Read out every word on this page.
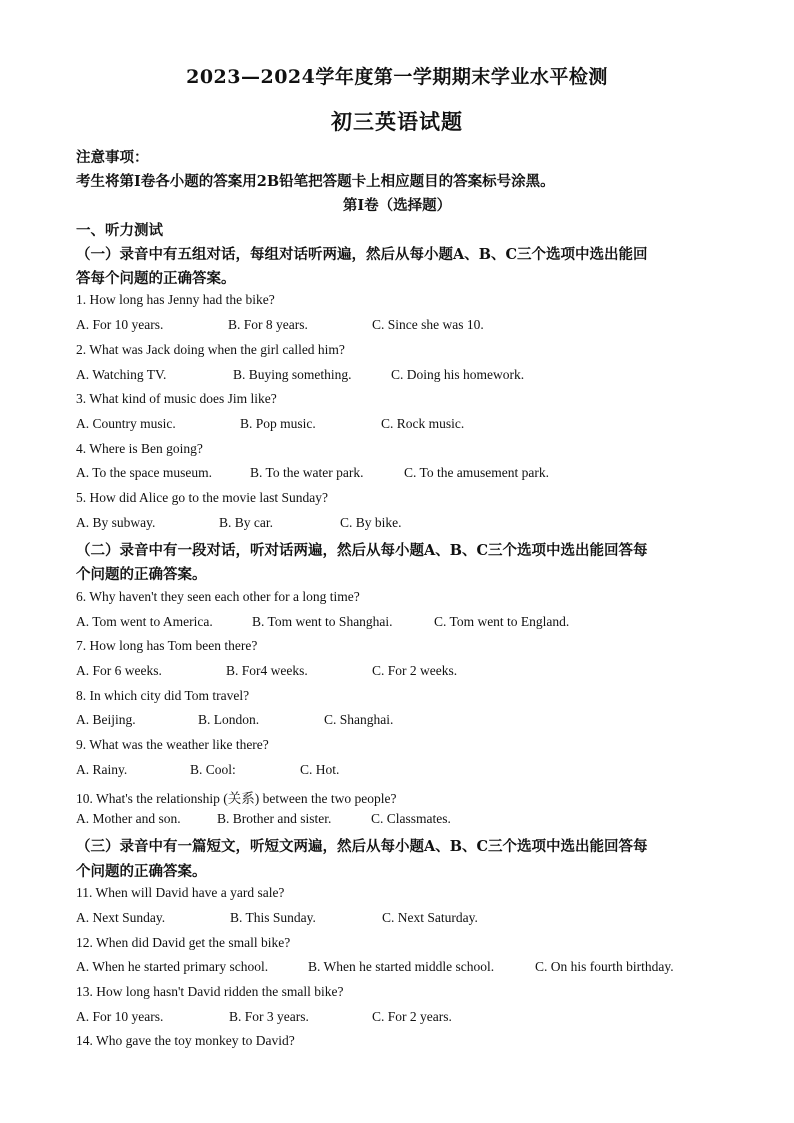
2023—2024学年度第一学期期末学业水平检测
初三英语试题
注意事项：
考生将第I卷各小题的答案用2B铅笔把答题卡上相应题目的答案标号涂黑。
第I卷（选择题）
一、听力测试
（一）录音中有五组对话，每组对话听两遍，然后从每小题A、B、C三个选项中选出能回
答每个问题的正确答案。
1. How long has Jenny had the bike?
A. For 10 years.	B. For 8 years.	C. Since she was 10.
2. What was Jack doing when the girl called him?
A. Watching TV.	B. Buying something.	C. Doing his homework.
3. What kind of music does Jim like?
A. Country music.	B. Pop music.	C. Rock music.
4. Where is Ben going?
A. To the space museum.	B. To the water park.	C. To the amusement park.
5. How did Alice go to the movie last Sunday?
A. By subway.	B. By car.	C. By bike.
（二）录音中有一段对话，听对话两遍，然后从每小题A、B、C三个选项中选出能回答每
个问题的正确答案。
6. Why haven't they seen each other for a long time?
A. Tom went to America.	B. Tom went to Shanghai.	C. Tom went to England.
7. How long has Tom been there?
A. For 6 weeks.	B. For4 weeks.	C. For 2 weeks.
8. In which city did Tom travel?
A. Beijing.	B. London.	C. Shanghai.
9. What was the weather like there?
A. Rainy.	B. Cool:	C. Hot.
10. What's the relationship (关系) between the two people?
A. Mother and son.	B. Brother and sister.	C. Classmates.
（三）录音中有一篇短文，听短文两遍，然后从每小题A、B、C三个选项中选出能回答每
个问题的正确答案。
11. When will David have a yard sale?
A. Next Sunday.	B. This Sunday.	C. Next Saturday.
12. When did David get the small bike?
A. When he started primary school.	B. When he started middle school.	C. On his fourth birthday.
13. How long hasn't David ridden the small bike?
A. For 10 years.	B. For 3 years.	C. For 2 years.
14. Who gave the toy monkey to David?
